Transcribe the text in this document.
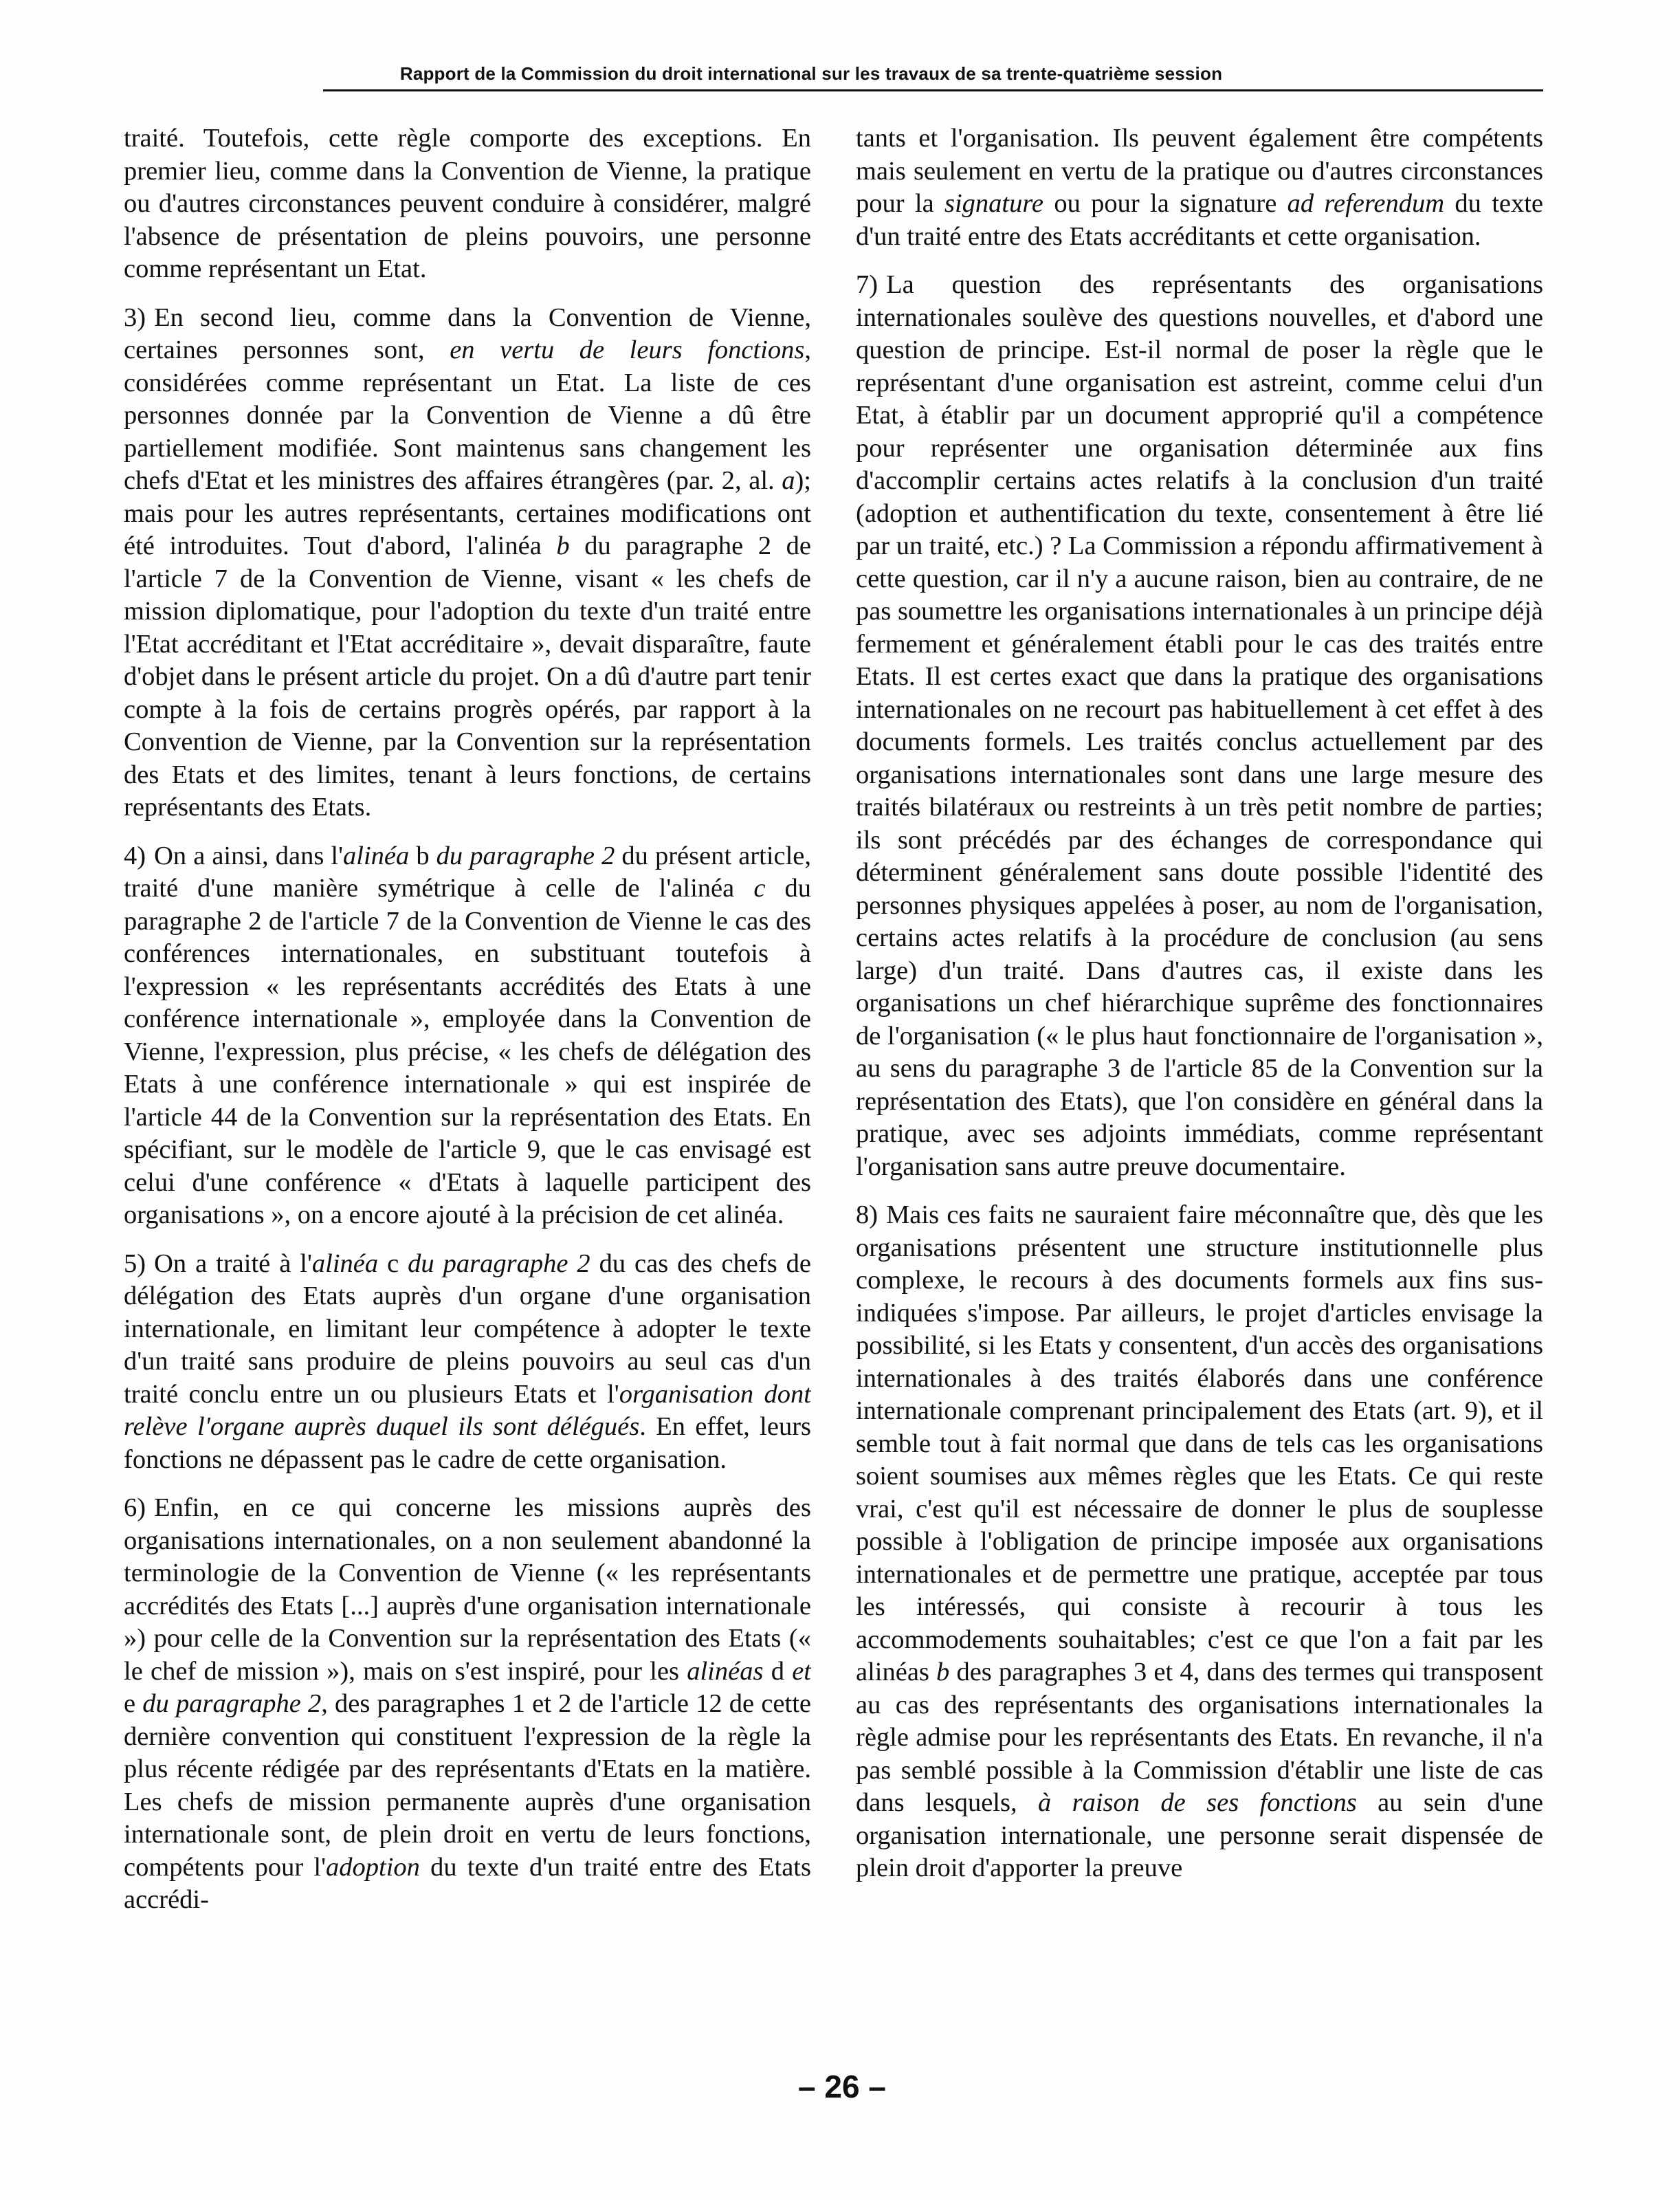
Rapport de la Commission du droit international sur les travaux de sa trente-quatrième session

traité. Toutefois, cette règle comporte des exceptions. En premier lieu, comme dans la Convention de Vienne, la pratique ou d'autres circonstances peuvent conduire à considérer, malgré l'absence de présentation de pleins pouvoirs, une personne comme représentant un Etat.

3) En second lieu, comme dans la Convention de Vienne, certaines personnes sont, en vertu de leurs fonctions, considérées comme représentant un Etat. La liste de ces personnes donnée par la Convention de Vienne a dû être partiellement modifiée. Sont maintenus sans changement les chefs d'Etat et les ministres des affaires étrangères (par. 2, al. a); mais pour les autres représentants, certaines modifications ont été introduites. Tout d'abord, l'alinéa b du paragraphe 2 de l'article 7 de la Convention de Vienne, visant « les chefs de mission diplomatique, pour l'adoption du texte d'un traité entre l'Etat accréditant et l'Etat accréditaire », devait disparaître, faute d'objet dans le présent article du projet. On a dû d'autre part tenir compte à la fois de certains progrès opérés, par rapport à la Convention de Vienne, par la Convention sur la représentation des Etats et des limites, tenant à leurs fonctions, de certains représentants des Etats.

4) On a ainsi, dans l'alinéa b du paragraphe 2 du présent article, traité d'une manière symétrique à celle de l'alinéa c du paragraphe 2 de l'article 7 de la Convention de Vienne le cas des conférences internationales, en substituant toutefois à l'expression « les représentants accrédités des Etats à une conférence internationale », employée dans la Convention de Vienne, l'expression, plus précise, « les chefs de délégation des Etats à une conférence internationale » qui est inspirée de l'article 44 de la Convention sur la représentation des Etats. En spécifiant, sur le modèle de l'article 9, que le cas envisagé est celui d'une conférence « d'Etats à laquelle participent des organisations », on a encore ajouté à la précision de cet alinéa.

5) On a traité à l'alinéa c du paragraphe 2 du cas des chefs de délégation des Etats auprès d'un organe d'une organisation internationale, en limitant leur compétence à adopter le texte d'un traité sans produire de pleins pouvoirs au seul cas d'un traité conclu entre un ou plusieurs Etats et l'organisation dont relève l'organe auprès duquel ils sont délégués. En effet, leurs fonctions ne dépassent pas le cadre de cette organisation.

6) Enfin, en ce qui concerne les missions auprès des organisations internationales, on a non seulement abandonné la terminologie de la Convention de Vienne (« les représentants accrédités des Etats [...] auprès d'une organisation internationale ») pour celle de la Convention sur la représentation des Etats (« le chef de mission »), mais on s'est inspiré, pour les alinéas d et e du paragraphe 2, des paragraphes 1 et 2 de l'article 12 de cette dernière convention qui constituent l'expression de la règle la plus récente rédigée par des représentants d'Etats en la matière. Les chefs de mission permanente auprès d'une organisation internationale sont, de plein droit en vertu de leurs fonctions, compétents pour l'adoption du texte d'un traité entre des Etats accrédi-

tants et l'organisation. Ils peuvent également être compétents mais seulement en vertu de la pratique ou d'autres circonstances pour la signature ou pour la signature ad referendum du texte d'un traité entre des Etats accréditants et cette organisation.

7) La question des représentants des organisations internationales soulève des questions nouvelles, et d'abord une question de principe. Est-il normal de poser la règle que le représentant d'une organisation est astreint, comme celui d'un Etat, à établir par un document approprié qu'il a compétence pour représenter une organisation déterminée aux fins d'accomplir certains actes relatifs à la conclusion d'un traité (adoption et authentification du texte, consentement à être lié par un traité, etc.) ? La Commission a répondu affirmativement à cette question, car il n'y a aucune raison, bien au contraire, de ne pas soumettre les organisations internationales à un principe déjà fermement et généralement établi pour le cas des traités entre Etats. Il est certes exact que dans la pratique des organisations internationales on ne recourt pas habituellement à cet effet à des documents formels. Les traités conclus actuellement par des organisations internationales sont dans une large mesure des traités bilatéraux ou restreints à un très petit nombre de parties; ils sont précédés par des échanges de correspondance qui déterminent généralement sans doute possible l'identité des personnes physiques appelées à poser, au nom de l'organisation, certains actes relatifs à la procédure de conclusion (au sens large) d'un traité. Dans d'autres cas, il existe dans les organisations un chef hiérarchique suprême des fonctionnaires de l'organisation (« le plus haut fonctionnaire de l'organisation », au sens du paragraphe 3 de l'article 85 de la Convention sur la représentation des Etats), que l'on considère en général dans la pratique, avec ses adjoints immédiats, comme représentant l'organisation sans autre preuve documentaire.

8) Mais ces faits ne sauraient faire méconnaître que, dès que les organisations présentent une structure institutionnelle plus complexe, le recours à des documents formels aux fins sus-indiquées s'impose. Par ailleurs, le projet d'articles envisage la possibilité, si les Etats y consentent, d'un accès des organisations internationales à des traités élaborés dans une conférence internationale comprenant principalement des Etats (art. 9), et il semble tout à fait normal que dans de tels cas les organisations soient soumises aux mêmes règles que les Etats. Ce qui reste vrai, c'est qu'il est nécessaire de donner le plus de souplesse possible à l'obligation de principe imposée aux organisations internationales et de permettre une pratique, acceptée par tous les intéressés, qui consiste à recourir à tous les accommodements souhaitables; c'est ce que l'on a fait par les alinéas b des paragraphes 3 et 4, dans des termes qui transposent au cas des représentants des organisations internationales la règle admise pour les représentants des Etats. En revanche, il n'a pas semblé possible à la Commission d'établir une liste de cas dans lesquels, à raison de ses fonctions au sein d'une organisation internationale, une personne serait dispensée de plein droit d'apporter la preuve

– 26 –
